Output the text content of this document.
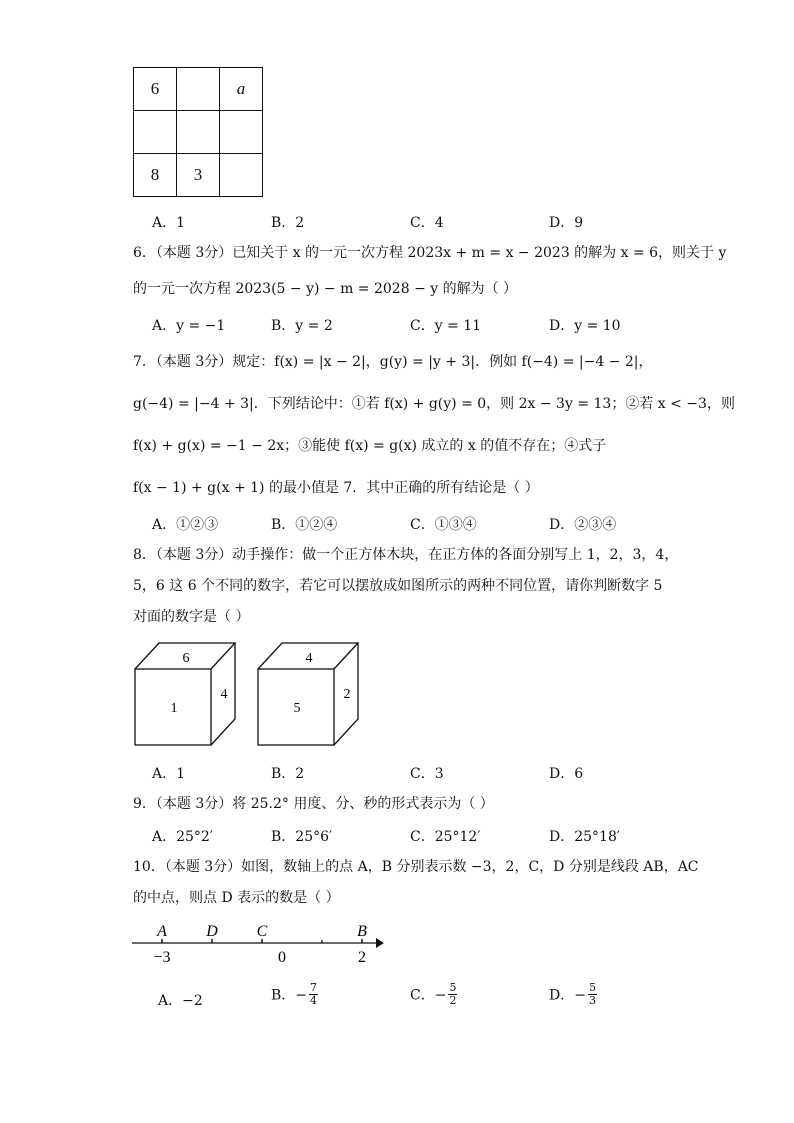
6		a

8	3	
A．1	B．2	C．4	D．9
6．（本题 3分）已知关于 x 的一元一次方程 2023x + m = x − 2023 的解为 x = 6，则关于 y
的一元一次方程 2023(5 − y) − m = 2028 − y 的解为（ ）
A．y = −1	B．y = 2	C．y = 11	D．y = 10
7．（本题 3分）规定：f(x) = |x − 2|，g(y) = |y + 3|．例如 f(−4) = |−4 − 2|，
g(−4) = |−4 + 3|．下列结论中：①若 f(x) + g(y) = 0，则 2x − 3y = 13；②若 x < −3，则
f(x) + g(x) = −1 − 2x；③能使 f(x) = g(x) 成立的 x 的值不存在；④式子
f(x − 1) + g(x + 1) 的最小值是 7．其中正确的所有结论是（ ）
A．①②③	B．①②④	C．①③④	D．②③④
8．（本题 3分）动手操作：做一个正方体木块，在正方体的各面分别写上 1，2，3，4，
5，6 这 6 个不同的数字，若它可以摆放成如图所示的两种不同位置，请你判断数字 5
对面的数字是（ ）
6
1
4
4
5
2
A．1	B．2	C．3	D．6
9．（本题 3分）将 25.2° 用度、分、秒的形式表示为（ ）
A．25°2′	B．25°6′	C．25°12′	D．25°18′
10．（本题 3分）如图，数轴上的点 A，B 分别表示数 −3，2，C，D 分别是线段 AB，AC
的中点，则点 D 表示的数是（ ）
A D C	B
−3	0	2
A．−2	B．− $\frac{7}{4}$	C．− $\frac{5}{2}$	D．− $\frac{5}{3}$
